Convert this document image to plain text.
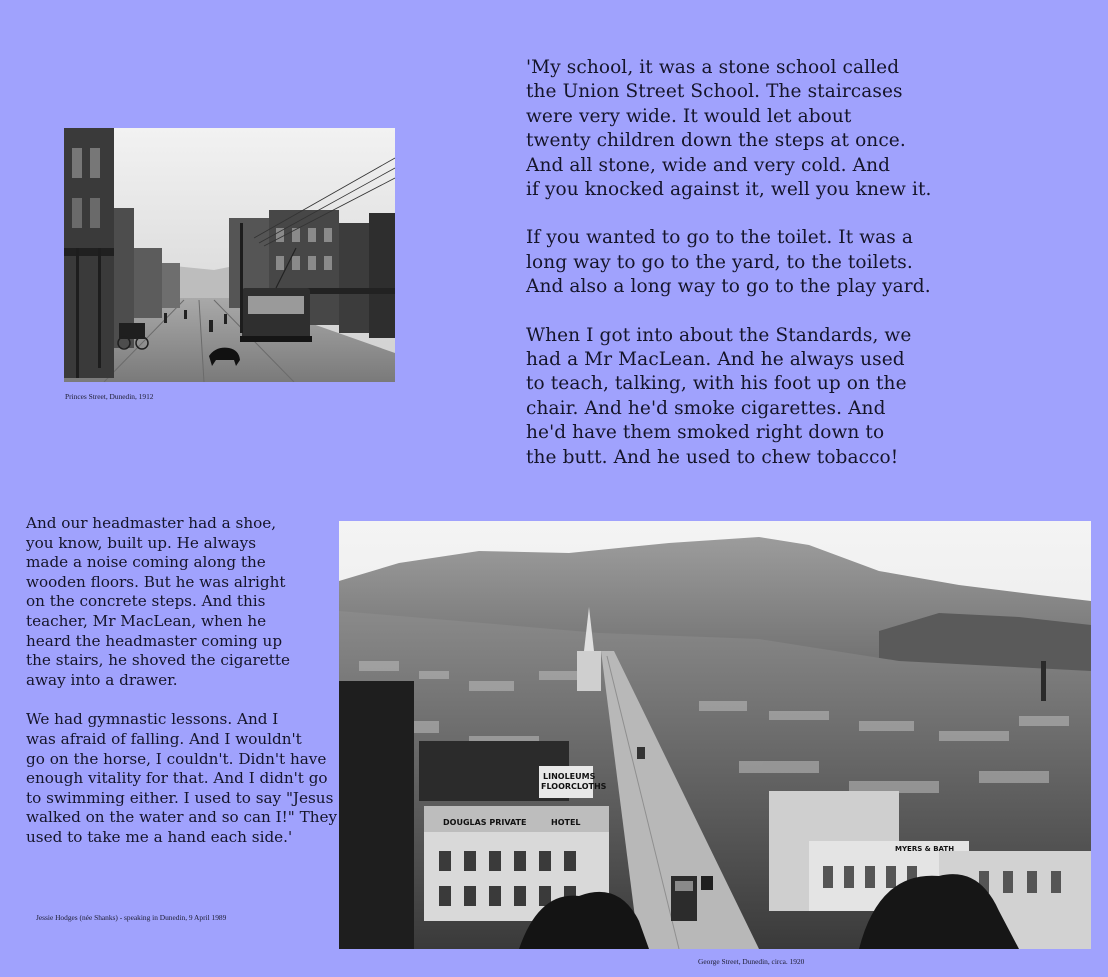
'My school, it was a stone school called
the Union Street School. The staircases
were very wide. It would let about
twenty children down the steps at once.
And all stone, wide and very cold. And
if you knocked against it, well you knew it.
If you wanted to go to the toilet. It was a
long way to go to the yard, to the toilets.
And also a long way to go to the play yard.
When I got into about the Standards, we
had a Mr MacLean. And he always used
to teach, talking, with his foot up on the
chair. And he'd smoke cigarettes. And
he'd have them smoked right down to
the butt. And he used to chew tobacco!
Princes Street, Dunedin, 1912
And our headmaster had a shoe,
you know, built up. He always
made a noise coming along the
wooden floors. But he was alright
on the concrete steps. And this
teacher, Mr MacLean, when he
heard the headmaster coming up
the stairs, he shoved the cigarette
away into a drawer.
We had gymnastic lessons. And I
was afraid of falling. And I wouldn't
go on the horse, I couldn't. Didn't have
enough vitality for that. And I didn't go
to swimming either. I used to say "Jesus
walked on the water and so can I!" They
used to take me a hand each side.'
Jessie Hodges (née Shanks) - speaking in Dunedin, 9 April 1989
LINOLEUMS
FLOORCLOTHS
DOUGLAS PRIVATE	HOTEL
MYERS & BATH
George Street, Dunedin, circa. 1920
